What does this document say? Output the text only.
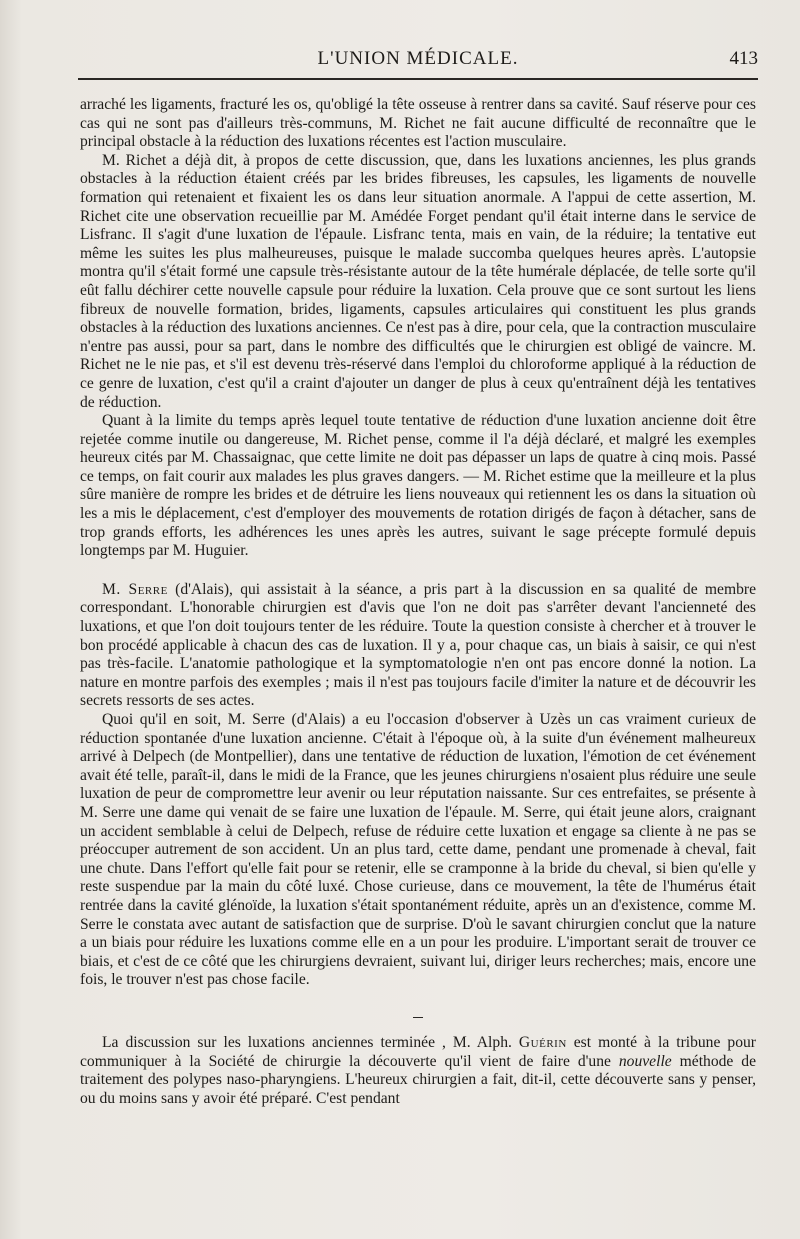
L'UNION MÉDICALE.	413

arraché les ligaments, fracturé les os, qu'obligé la tête osseuse à rentrer dans sa cavité. Sauf réserve pour ces cas qui ne sont pas d'ailleurs très-communs, M. Richet ne fait aucune difficulté de reconnaître que le principal obstacle à la réduction des luxations récentes est l'action musculaire.

M. Richet a déjà dit, à propos de cette discussion, que, dans les luxations anciennes, les plus grands obstacles à la réduction étaient créés par les brides fibreuses, les capsules, les ligaments de nouvelle formation qui retenaient et fixaient les os dans leur situation anormale. A l'appui de cette assertion, M. Richet cite une observation recueillie par M. Amédée Forget pendant qu'il était interne dans le service de Lisfranc. Il s'agit d'une luxation de l'épaule. Lisfranc tenta, mais en vain, de la réduire; la tentative eut même les suites les plus malheureuses, puisque le malade succomba quelques heures après. L'autopsie montra qu'il s'était formé une capsule très-résistante autour de la tête humérale déplacée, de telle sorte qu'il eût fallu déchirer cette nouvelle capsule pour réduire la luxation. Cela prouve que ce sont surtout les liens fibreux de nouvelle formation, brides, ligaments, capsules articulaires qui constituent les plus grands obstacles à la réduction des luxations anciennes. Ce n'est pas à dire, pour cela, que la contraction musculaire n'entre pas aussi, pour sa part, dans le nombre des difficultés que le chirurgien est obligé de vaincre. M. Richet ne le nie pas, et s'il est devenu très-réservé dans l'emploi du chloroforme appliqué à la réduction de ce genre de luxation, c'est qu'il a craint d'ajouter un danger de plus à ceux qu'entraînent déjà les tentatives de réduction.

Quant à la limite du temps après lequel toute tentative de réduction d'une luxation ancienne doit être rejetée comme inutile ou dangereuse, M. Richet pense, comme il l'a déjà déclaré, et malgré les exemples heureux cités par M. Chassaignac, que cette limite ne doit pas dépasser un laps de quatre à cinq mois. Passé ce temps, on fait courir aux malades les plus graves dangers. — M. Richet estime que la meilleure et la plus sûre manière de rompre les brides et de détruire les liens nouveaux qui retiennent les os dans la situation où les a mis le déplacement, c'est d'employer des mouvements de rotation dirigés de façon à détacher, sans de trop grands efforts, les adhérences les unes après les autres, suivant le sage précepte formulé depuis longtemps par M. Huguier.

M. Serre (d'Alais), qui assistait à la séance, a pris part à la discussion en sa qualité de membre correspondant. L'honorable chirurgien est d'avis que l'on ne doit pas s'arrêter devant l'ancienneté des luxations, et que l'on doit toujours tenter de les réduire. Toute la question consiste à chercher et à trouver le bon procédé applicable à chacun des cas de luxation. Il y a, pour chaque cas, un biais à saisir, ce qui n'est pas très-facile. L'anatomie pathologique et la symptomatologie n'en ont pas encore donné la notion. La nature en montre parfois des exemples ; mais il n'est pas toujours facile d'imiter la nature et de découvrir les secrets ressorts de ses actes.

Quoi qu'il en soit, M. Serre (d'Alais) a eu l'occasion d'observer à Uzès un cas vraiment curieux de réduction spontanée d'une luxation ancienne. C'était à l'époque où, à la suite d'un événement malheureux arrivé à Delpech (de Montpellier), dans une tentative de réduction de luxation, l'émotion de cet événement avait été telle, paraît-il, dans le midi de la France, que les jeunes chirurgiens n'osaient plus réduire une seule luxation de peur de compromettre leur avenir ou leur réputation naissante. Sur ces entrefaites, se présente à M. Serre une dame qui venait de se faire une luxation de l'épaule. M. Serre, qui était jeune alors, craignant un accident semblable à celui de Delpech, refuse de réduire cette luxation et engage sa cliente à ne pas se préoccuper autrement de son accident. Un an plus tard, cette dame, pendant une promenade à cheval, fait une chute. Dans l'effort qu'elle fait pour se retenir, elle se cramponne à la bride du cheval, si bien qu'elle y reste suspendue par la main du côté luxé. Chose curieuse, dans ce mouvement, la tête de l'humérus était rentrée dans la cavité glénoïde, la luxation s'était spontanément réduite, après un an d'existence, comme M. Serre le constata avec autant de satisfaction que de surprise. D'où le savant chirurgien conclut que la nature a un biais pour réduire les luxations comme elle en a un pour les produire. L'important serait de trouver ce biais, et c'est de ce côté que les chirurgiens devraient, suivant lui, diriger leurs recherches; mais, encore une fois, le trouver n'est pas chose facile.

La discussion sur les luxations anciennes terminée , M. Alph. Guérin est monté à la tribune pour communiquer à la Société de chirurgie la découverte qu'il vient de faire d'une nouvelle méthode de traitement des polypes naso-pharyngiens. L'heureux chirurgien a fait, dit-il, cette découverte sans y penser, ou du moins sans y avoir été préparé. C'est pendant
